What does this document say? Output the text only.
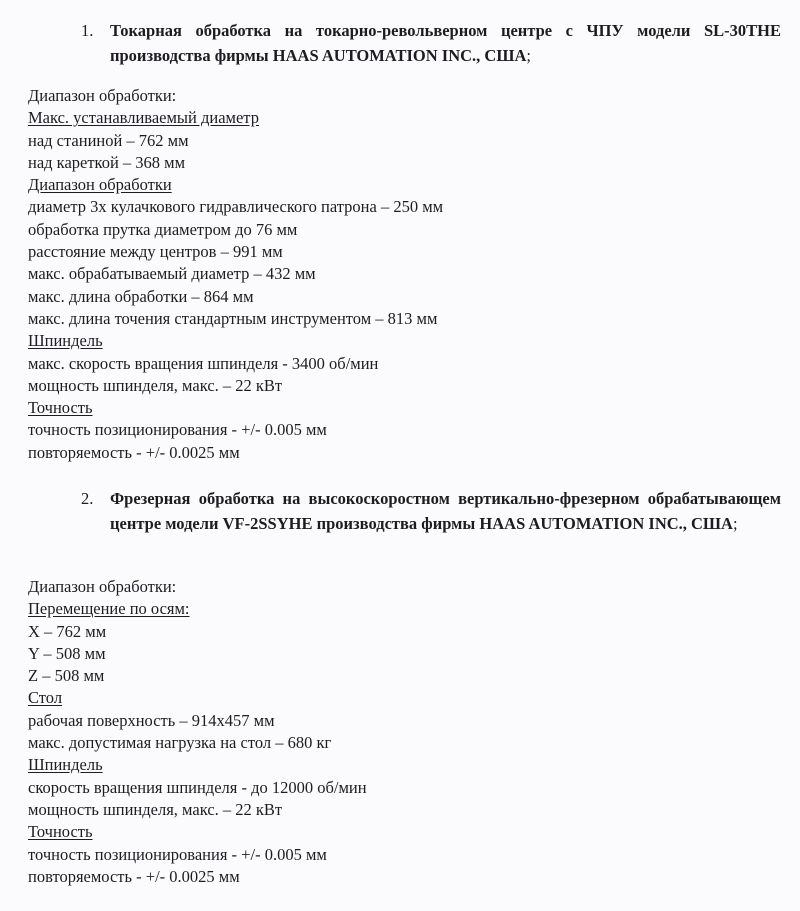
1.	Токарная обработка на токарно-револьверном центре с ЧПУ модели SL-30THE производства фирмы HAAS AUTOMATION INC., США;
Диапазон обработки:
Макс. устанавливаемый диаметр
над станиной – 762 мм
над кареткой – 368 мм
Диапазон обработки
диаметр 3х кулачкового гидравлического патрона – 250 мм
обработка прутка диаметром до 76 мм
расстояние между центров – 991 мм
макс. обрабатываемый диаметр – 432 мм
макс. длина обработки – 864 мм
макс. длина точения стандартным инструментом – 813 мм
Шпиндель
макс. скорость вращения шпинделя - 3400 об/мин
мощность шпинделя, макс. – 22 кВт
Точность
точность позиционирования - +/- 0.005 мм
повторяемость - +/- 0.0025 мм
2.	Фрезерная обработка на высокоскоростном вертикально-фрезерном обрабатывающем центре модели VF-2SSYHE производства фирмы HAAS AUTOMATION INC., США;
Диапазон обработки:
Перемещение по осям:
X – 762 мм
Y – 508 мм
Z – 508 мм
Стол
рабочая поверхность – 914x457 мм
макс. допустимая нагрузка на стол – 680 кг
Шпиндель
скорость вращения шпинделя - до 12000 об/мин
мощность шпинделя, макс. – 22 кВт
Точность
точность позиционирования - +/- 0.005 мм
повторяемость - +/- 0.0025 мм
